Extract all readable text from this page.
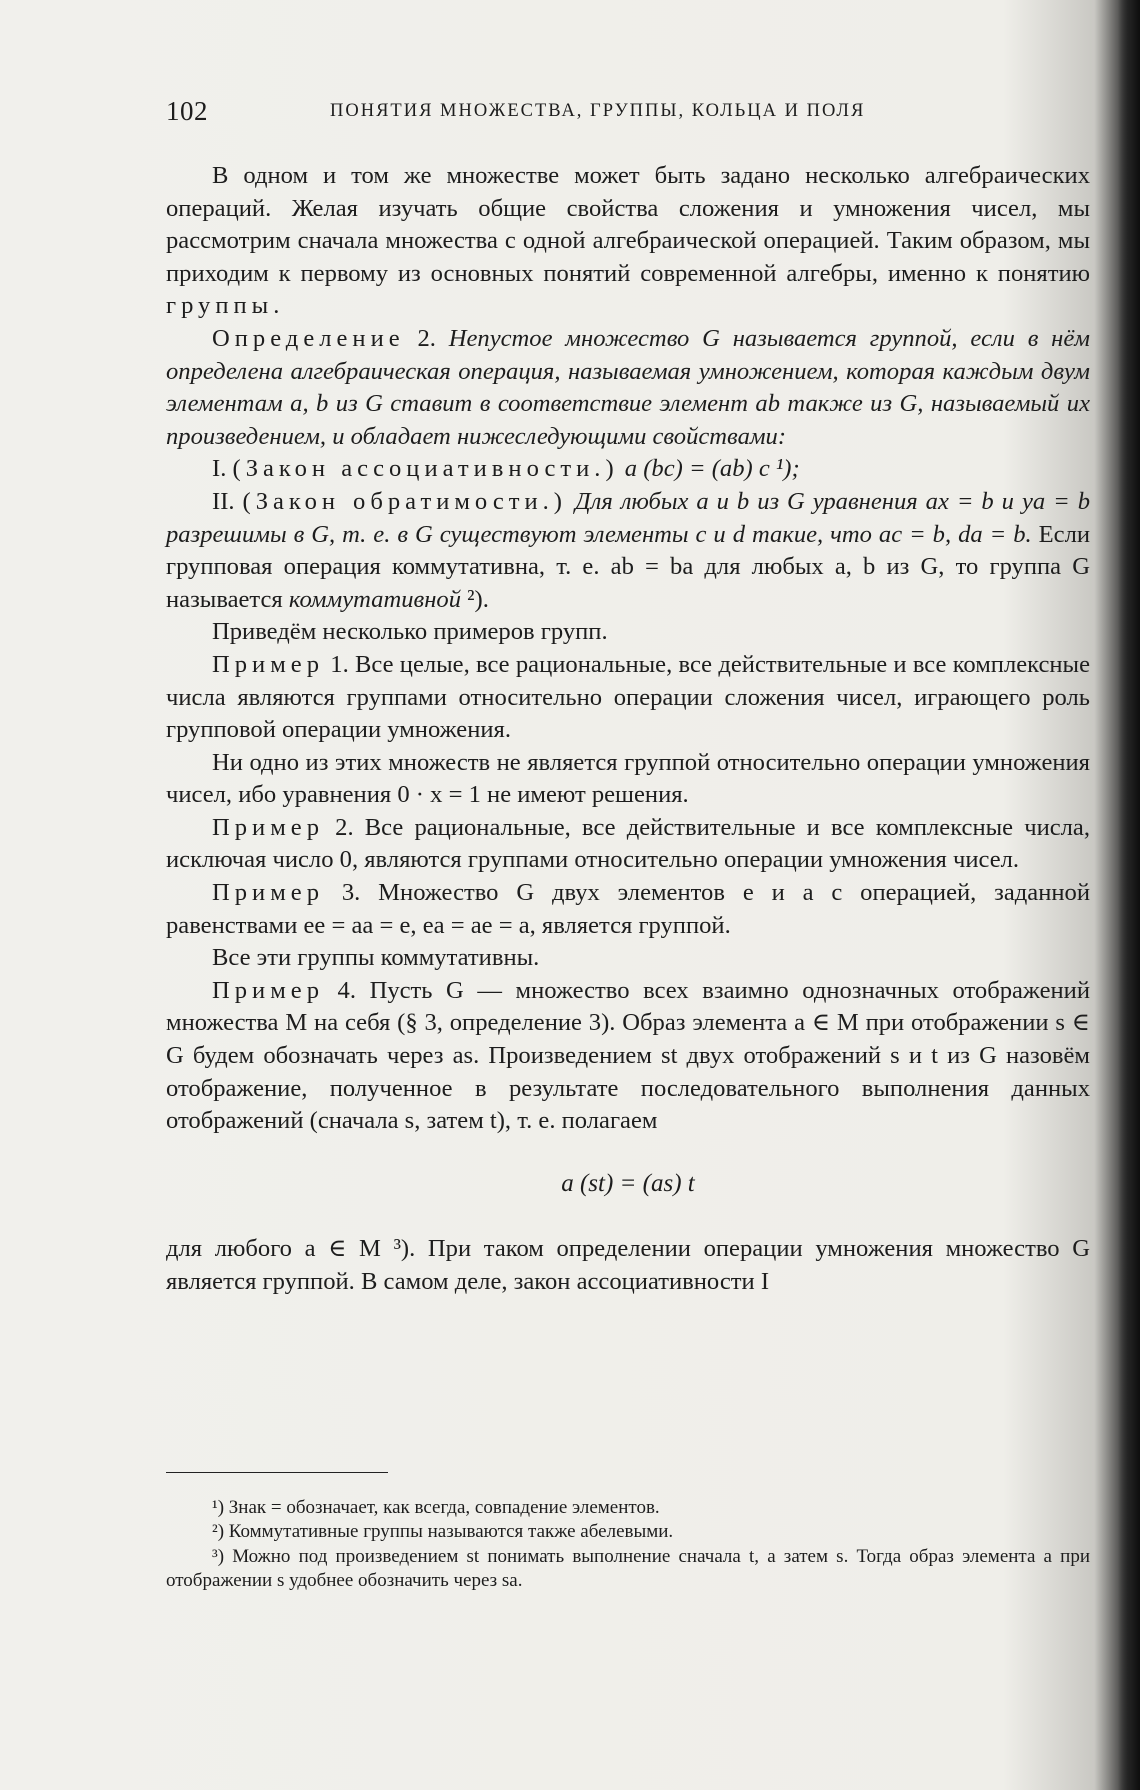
102	ПОНЯТИЯ МНОЖЕСТВА, ГРУППЫ, КОЛЬЦА И ПОЛЯ

В одном и том же множестве может быть задано несколько алгебраических операций. Желая изучать общие свойства сложения и умножения чисел, мы рассмотрим сначала множества с одной алгебраической операцией. Таким образом, мы приходим к первому из основных понятий современной алгебры, именно к понятию группы.

Определение 2. Непустое множество G называется группой, если в нём определена алгебраическая операция, называемая умножением, которая каждым двум элементам a, b из G ставит в соответствие элемент ab также из G, называемый их произведением, и обладает нижеследующими свойствами:

I. (Закон ассоциативности.) a (bc) = (ab) c ¹);

II. (Закон обратимости.) Для любых a и b из G уравнения ax = b и ya = b разрешимы в G, т. е. в G существуют элементы c и d такие, что ac = b, da = b. Если групповая операция коммутативна, т. е. ab = ba для любых a, b из G, то группа G называется коммутативной ²).

Приведём несколько примеров групп.

Пример 1. Все целые, все рациональные, все действительные и все комплексные числа являются группами относительно операции сложения чисел, играющего роль групповой операции умножения.

Ни одно из этих множеств не является группой относительно операции умножения чисел, ибо уравнения 0 · x = 1 не имеют решения.

Пример 2. Все рациональные, все действительные и все комплексные числа, исключая число 0, являются группами относительно операции умножения чисел.

Пример 3. Множество G двух элементов e и a с операцией, заданной равенствами ee = aa = e, ea = ae = a, является группой.

Все эти группы коммутативны.

Пример 4. Пусть G — множество всех взаимно однозначных отображений множества M на себя (§ 3, определение 3). Образ элемента a ∈ M при отображении s ∈ G будем обозначать через as. Произведением st двух отображений s и t из G назовём отображение, полученное в результате последовательного выполнения данных отображений (сначала s, затем t), т. е. полагаем

a (st) = (as) t

для любого a ∈ M ³). При таком определении операции умножения множество G является группой. В самом деле, закон ассоциативности I

¹) Знак = обозначает, как всегда, совпадение элементов.

²) Коммутативные группы называются также абелевыми.

³) Можно под произведением st понимать выполнение сначала t, а затем s. Тогда образ элемента a при отображении s удобнее обозначить через sa.
